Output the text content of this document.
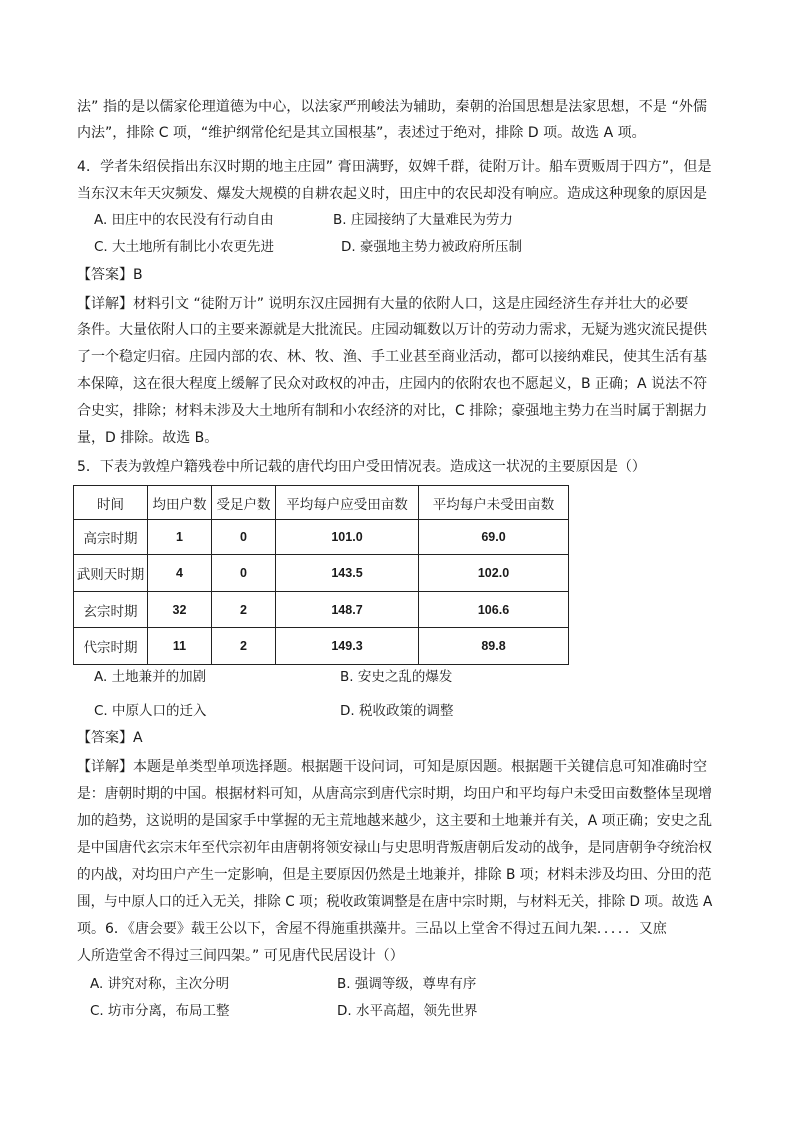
法” 指的是以儒家伦理道德为中心，以法家严刑峻法为辅助，秦朝的治国思想是法家思想，不是 “外儒
内法”，排除 C 项，“维护纲常伦纪是其立国根基”，表述过于绝对，排除 D 项。故选 A 项。
4．学者朱绍侯指出东汉时期的地主庄园” 膏田满野，奴婢千群，徒附万计。船车贾贩周于四方”，但是
当东汉末年天灾频发、爆发大规模的自耕农起义时，田庄中的农民却没有响应。造成这种现象的原因是
A. 田庄中的农民没有行动自由	B. 庄园接纳了大量难民为劳力
C. 大土地所有制比小农更先进	D. 豪强地主势力被政府所压制
【答案】B
【详解】材料引文 “徒附万计” 说明东汉庄园拥有大量的依附人口，这是庄园经济生存并壮大的必要
条件。大量依附人口的主要来源就是大批流民。庄园动辄数以万计的劳动力需求，无疑为逃灾流民提供
了一个稳定归宿。庄园内部的农、林、牧、渔、手工业甚至商业活动，都可以接纳难民，使其生活有基
本保障，这在很大程度上缓解了民众对政权的冲击，庄园内的依附农也不愿起义，B 正确；A 说法不符
合史实，排除；材料未涉及大土地所有制和小农经济的对比，C 排除；豪强地主势力在当时属于割据力
量，D 排除。故选 B。
5．下表为敦煌户籍残卷中所记载的唐代均田户受田情况表。造成这一状况的主要原因是（）
时间	均田户数	受足户数	平均每户应受田亩数	平均每户未受田亩数
高宗时期	1	0	101.0	69.0
武则天时期	4	0	143.5	102.0
玄宗时期	32	2	148.7	106.6
代宗时期	11	2	149.3	89.8
A. 土地兼并的加剧	B. 安史之乱的爆发
C. 中原人口的迁入	D. 税收政策的调整
【答案】A
【详解】本题是单类型单项选择题。根据题干设问词，可知是原因题。根据题干关键信息可知准确时空
是：唐朝时期的中国。根据材料可知，从唐高宗到唐代宗时期，均田户和平均每户未受田亩数整体呈现增
加的趋势，这说明的是国家手中掌握的无主荒地越来越少，这主要和土地兼并有关，A 项正确；安史之乱
是中国唐代玄宗末年至代宗初年由唐朝将领安禄山与史思明背叛唐朝后发动的战争，是同唐朝争夺统治权
的内战，对均田户产生一定影响，但是主要原因仍然是土地兼并，排除 B 项；材料未涉及均田、分田的范
围，与中原人口的迁入无关，排除 C 项；税收政策调整是在唐中宗时期，与材料无关，排除 D 项。故选 A
项。6．《唐会要》载王公以下，舍屋不得施重拱藻井。三品以上堂舍不得过五间九架．．．．．又庶
人所造堂舍不得过三间四架。” 可见唐代民居设计（）
A. 讲究对称，主次分明	B. 强调等级，尊卑有序
C. 坊市分离，布局工整	D. 水平高超，领先世界
